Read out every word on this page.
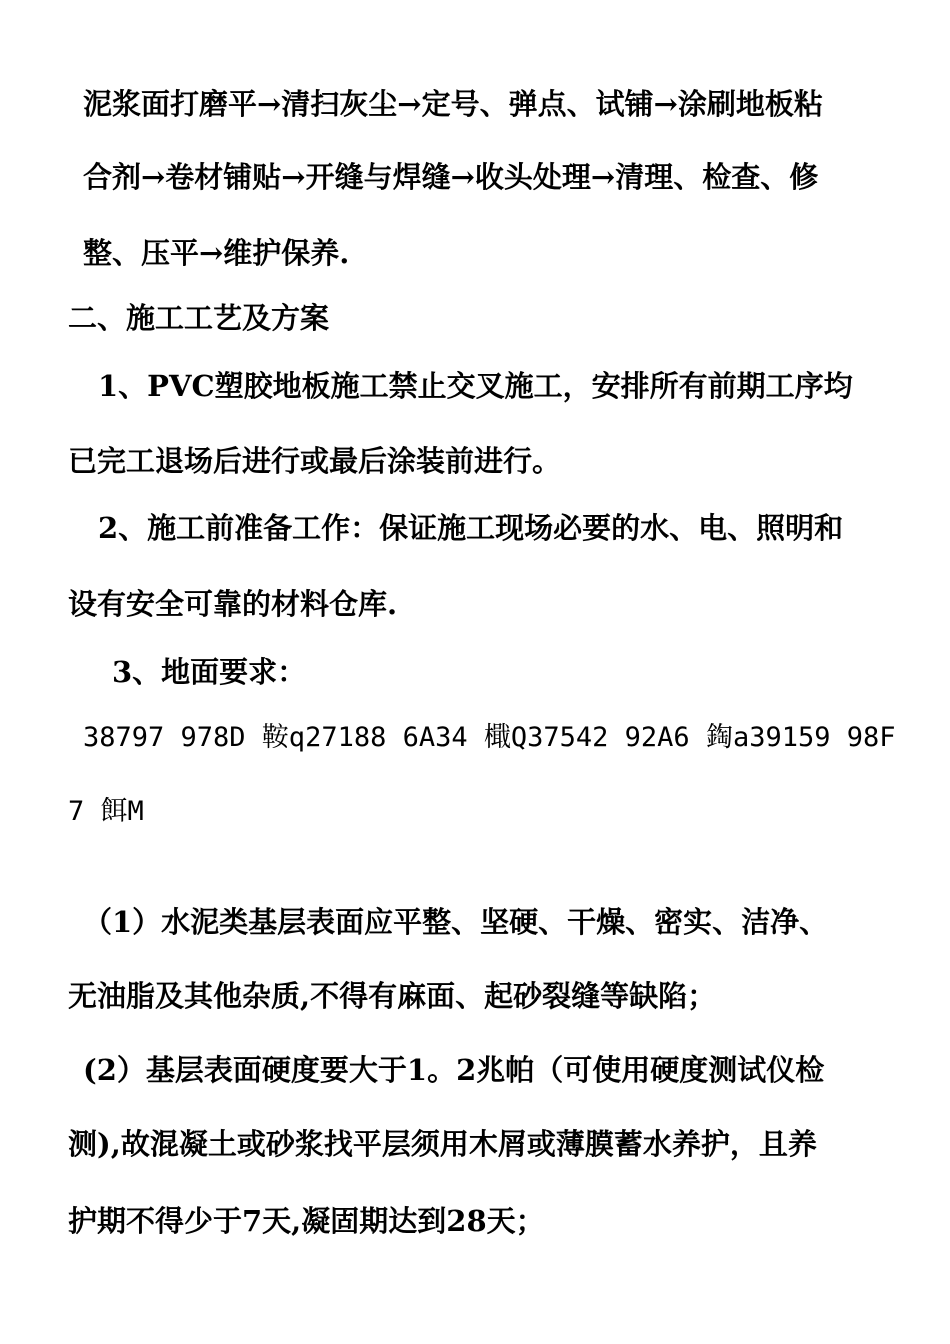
泥浆面打磨平→清扫灰尘→定号、弹点、试铺→涂刷地板粘
合剂→卷材铺贴→开缝与焊缝→收头处理→清理、检查、修
整、压平→维护保养.
二、施工工艺及方案
1、PVC塑胶地板施工禁止交叉施工，安排所有前期工序均
已完工退场后进行或最后涂装前进行。
2、施工前准备工作：保证施工现场必要的水、电、照明和
设有安全可靠的材料仓库.
3、地面要求：
38797 978D 鞍q27188 6A34 檝Q37542 92A6 鋾a39159 98F
7 餌M
（1）水泥类基层表面应平整、坚硬、干燥、密实、洁净、
无油脂及其他杂质,不得有麻面、起砂裂缝等缺陷；
(2）基层表面硬度要大于1。2兆帕（可使用硬度测试仪检
测),故混凝土或砂浆找平层须用木屑或薄膜蓄水养护，且养
护期不得少于7天,凝固期达到28天；
